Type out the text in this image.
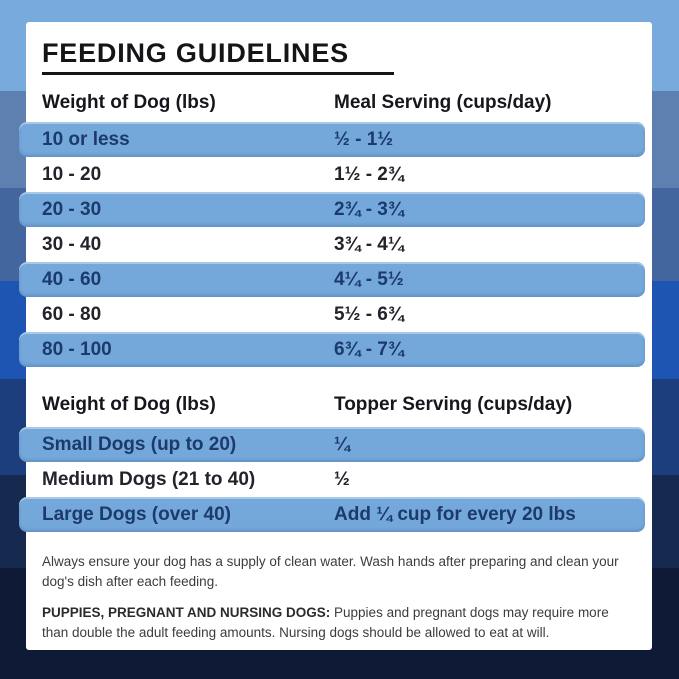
FEEDING GUIDELINES
Weight of Dog (lbs)	Meal Serving (cups/day)
10 or less	½ - 1½
10 - 20	1½ - 2¾
20 - 30	2¾ - 3¾
30 - 40	3¾ - 4¼
40 - 60	4¼ - 5½
60 - 80	5½ - 6¾
80 - 100	6¾ - 7¾
Weight of Dog (lbs)	Topper Serving (cups/day)
Small Dogs (up to 20)	¼
Medium Dogs (21 to 40)	½
Large Dogs (over 40)	Add ¼ cup for every 20 lbs

Always ensure your dog has a supply of clean water. Wash hands after preparing and clean your dog's dish after each feeding.

PUPPIES, PREGNANT AND NURSING DOGS: Puppies and pregnant dogs may require more than double the adult feeding amounts. Nursing dogs should be allowed to eat at will.
